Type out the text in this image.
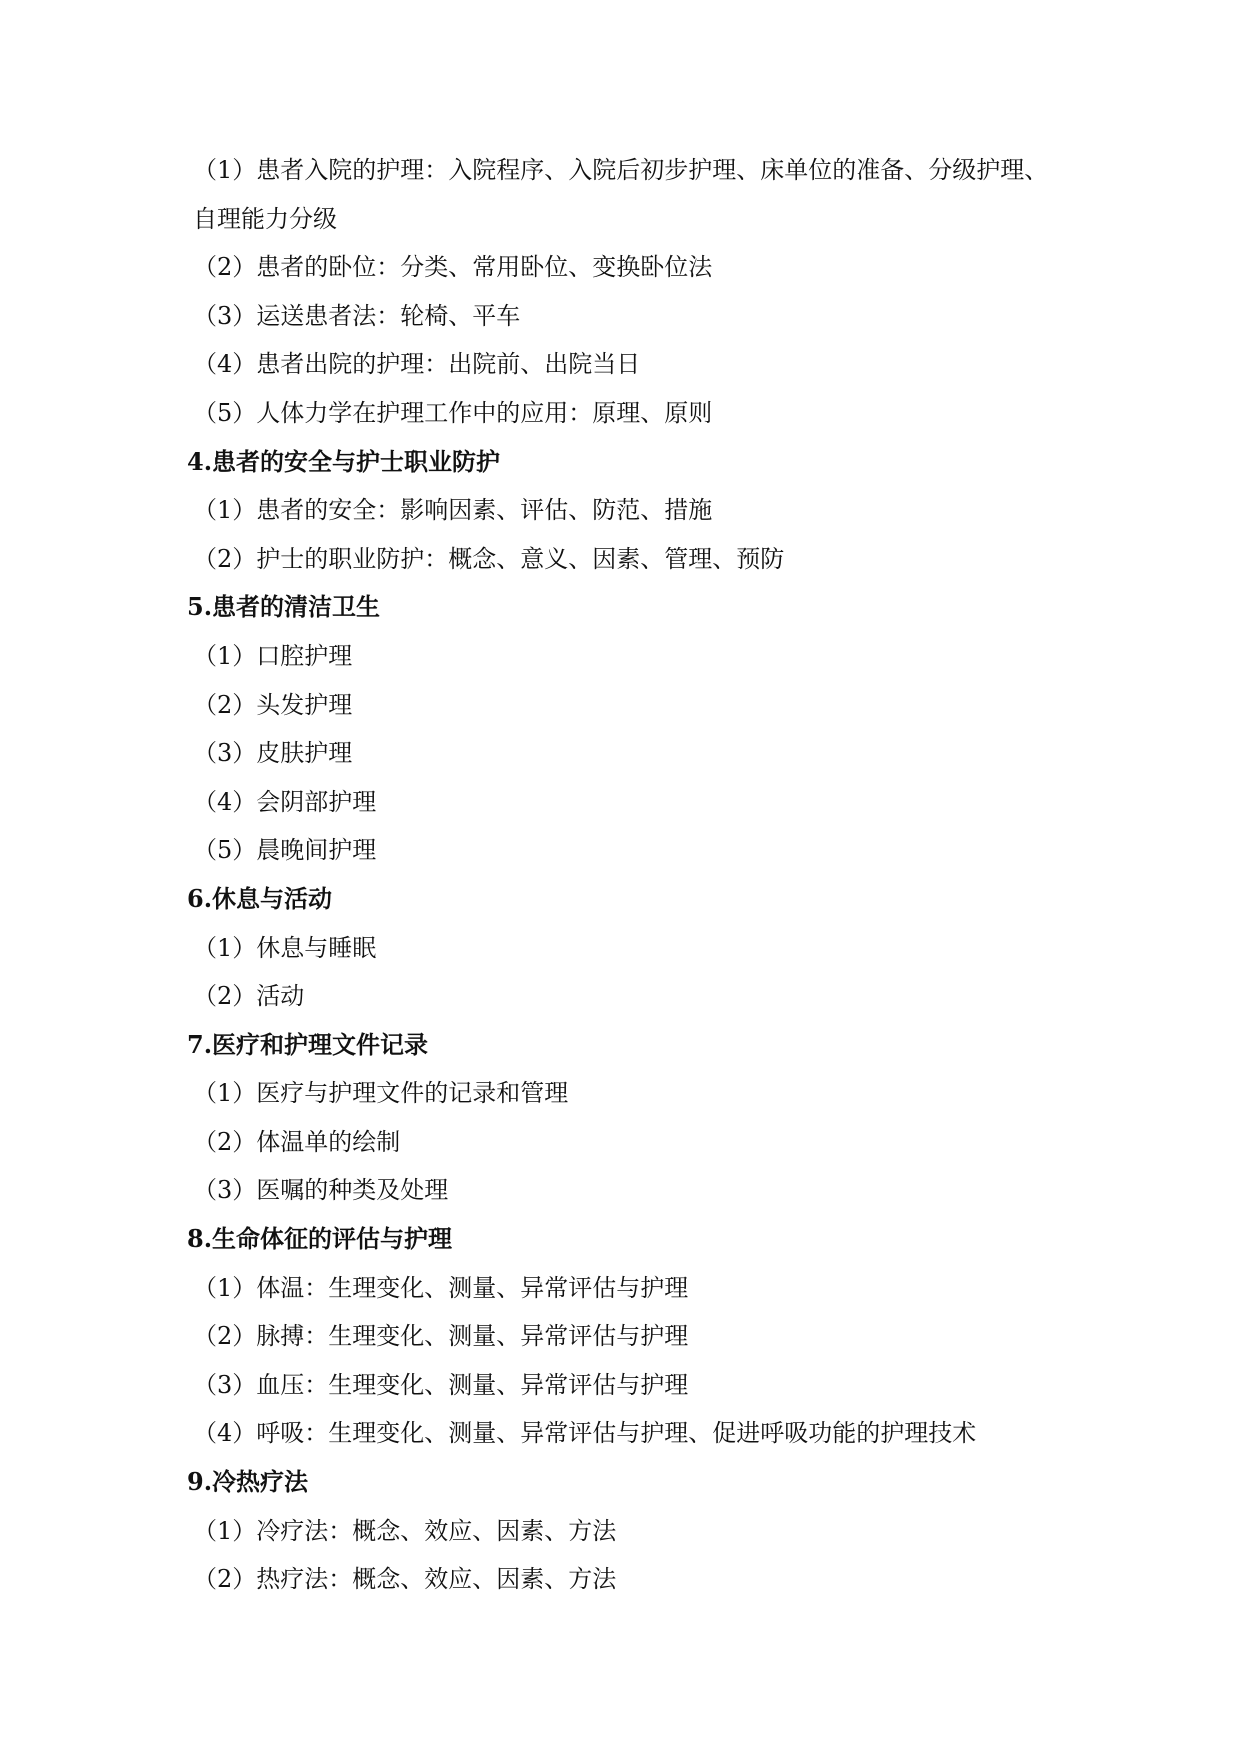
（1）患者入院的护理：入院程序、入院后初步护理、床单位的准备、分级护理、
自理能力分级
（2）患者的卧位：分类、常用卧位、变换卧位法
（3）运送患者法：轮椅、平车
（4）患者出院的护理：出院前、出院当日
（5）人体力学在护理工作中的应用：原理、原则
4.患者的安全与护士职业防护
（1）患者的安全：影响因素、评估、防范、措施
（2）护士的职业防护：概念、意义、因素、管理、预防
5.患者的清洁卫生
（1）口腔护理
（2）头发护理
（3）皮肤护理
（4）会阴部护理
（5）晨晚间护理
6.休息与活动
（1）休息与睡眠
（2）活动
7.医疗和护理文件记录
（1）医疗与护理文件的记录和管理
（2）体温单的绘制
（3）医嘱的种类及处理
8.生命体征的评估与护理
（1）体温：生理变化、测量、异常评估与护理
（2）脉搏：生理变化、测量、异常评估与护理
（3）血压：生理变化、测量、异常评估与护理
（4）呼吸：生理变化、测量、异常评估与护理、促进呼吸功能的护理技术
9.冷热疗法
（1）冷疗法：概念、效应、因素、方法
（2）热疗法：概念、效应、因素、方法
